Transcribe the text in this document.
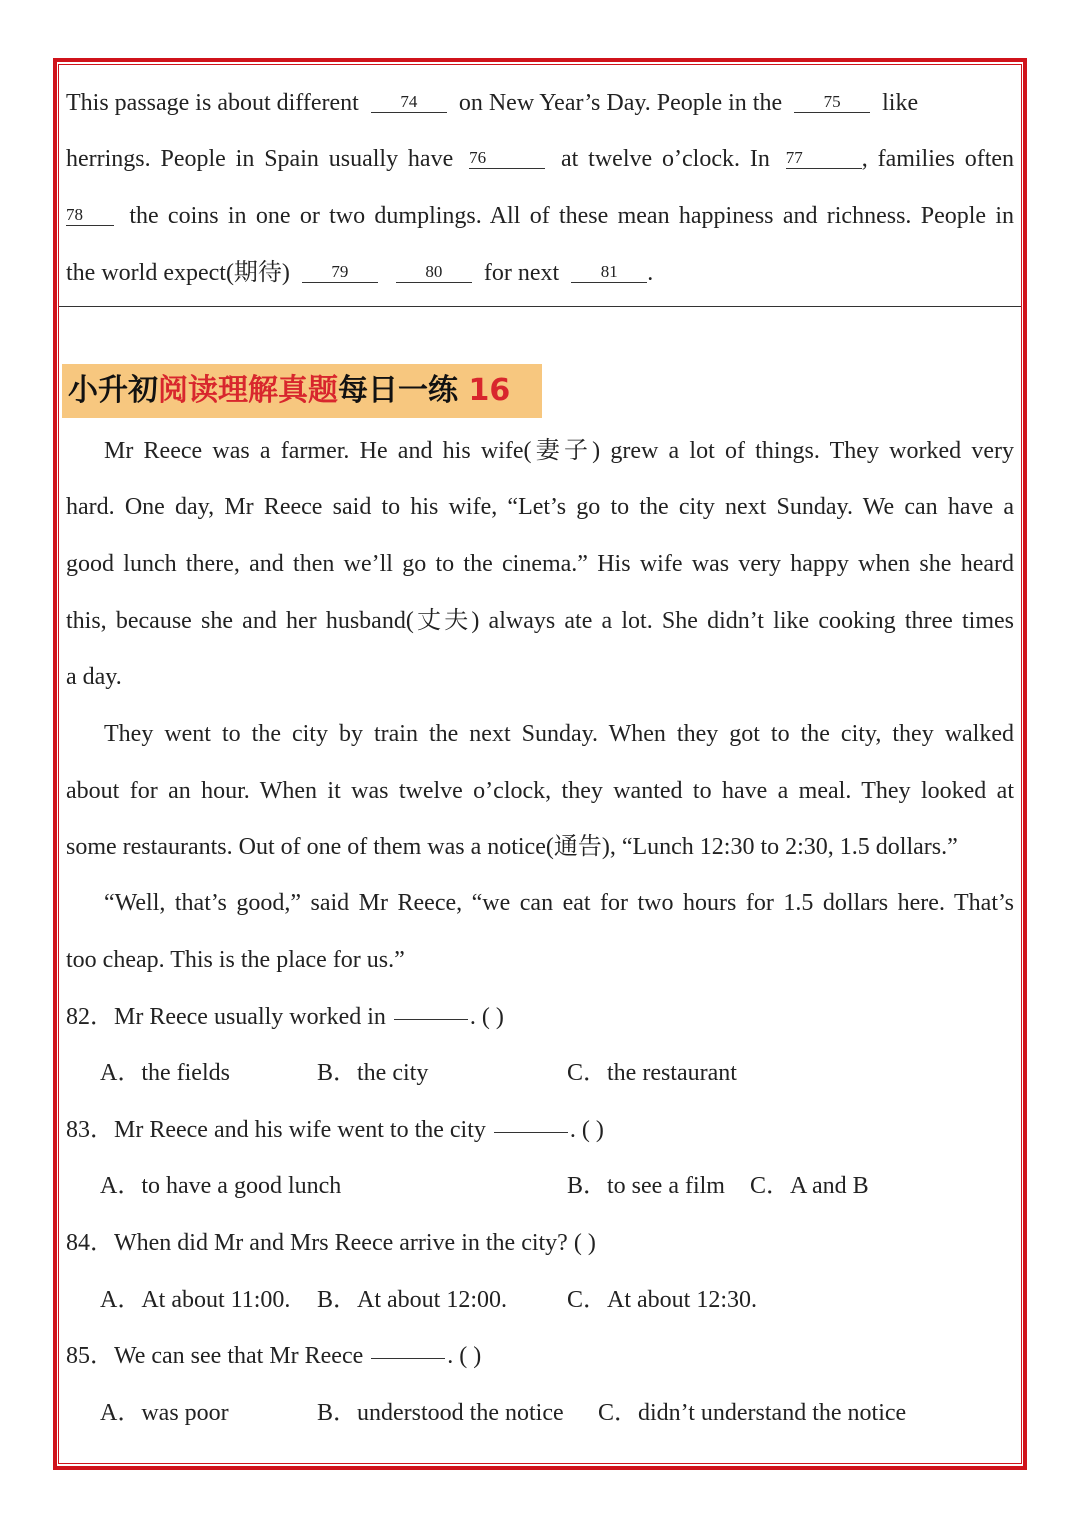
This passage is about different 74 on New Year’s Day. People in the 75 like
herrings. People in Spain usually have 76	at twelve o’clock. In 77 , families often
78 the coins in one or two dumplings. All of these mean happiness and richness. People in
the world expect(期待) 79	80 for next 81 .
小升初阅读理解真题每日一练 16
Mr Reece was a farmer. He and his wife(妻子) grew a lot of things. They worked very
hard. One day, Mr Reece said to his wife, “Let’s go to the city next Sunday. We can have a
good lunch there, and then we’ll go to the cinema.” His wife was very happy when she heard
this, because she and her husband(丈夫) always ate a lot. She didn’t like cooking three times
a day.
They went to the city by train the next Sunday. When they got to the city, they walked
about for an hour. When it was twelve o’clock, they wanted to have a meal. They looked at
some restaurants. Out of one of them was a notice(通告), “Lunch 12:30 to 2:30, 1.5 dollars.”
“Well, that’s good,” said Mr Reece, “we can eat for two hours for 1.5 dollars here. That’s
too cheap. This is the place for us.”
82．Mr Reece usually worked in	. ( )
A．the fields	B．the city	C．the restaurant
83．Mr Reece and his wife went to the city	. ( )
A．to have a good lunch	B．to see a film C．A and B
84．When did Mr and Mrs Reece arrive in the city? ( )
A．At about 11:00. B．At about 12:00.	C．At about 12:30.
85．We can see that Mr Reece	. ( )
A．was poor	B．understood the notice C．didn’t understand the notice
